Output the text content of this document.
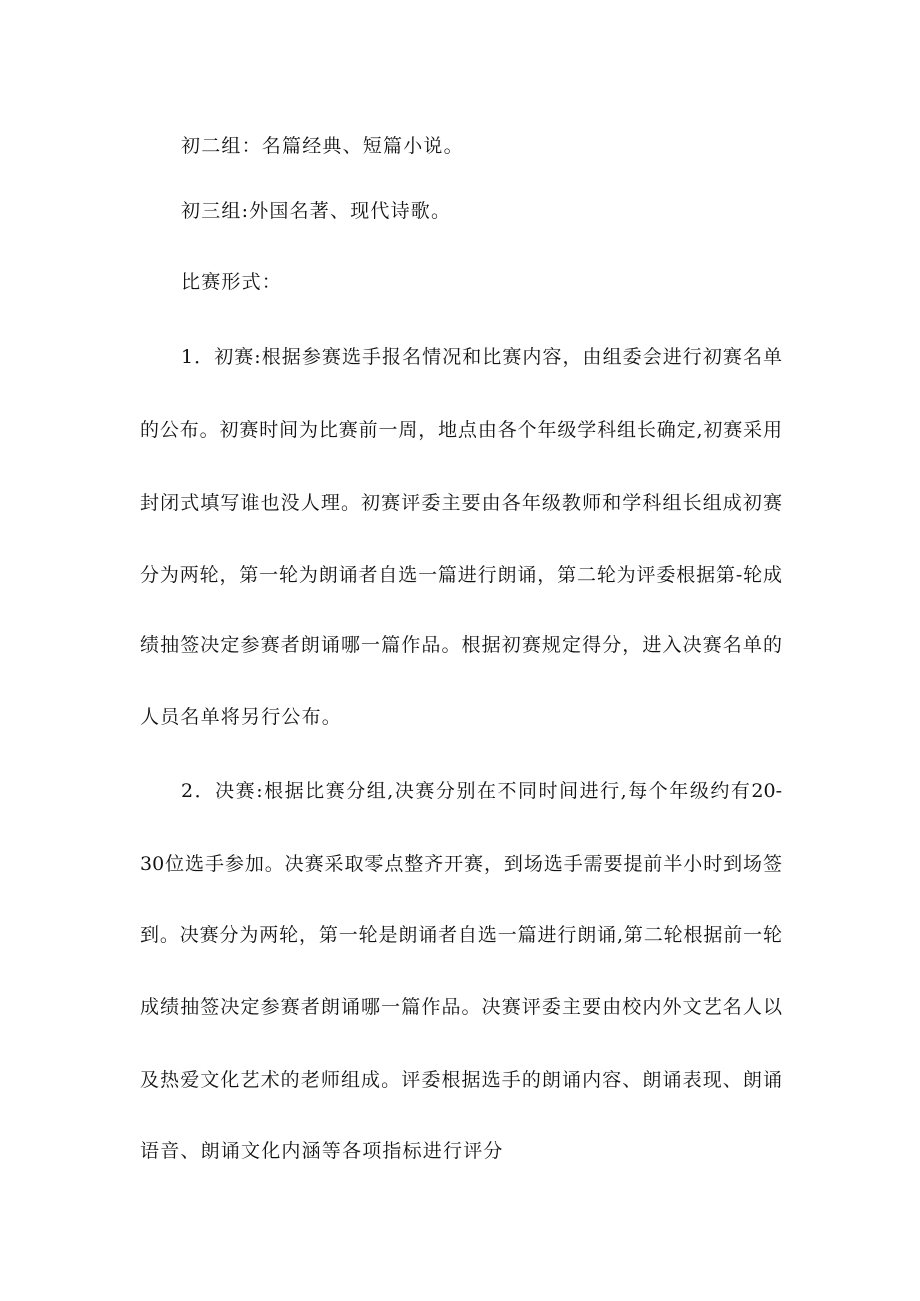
初二组：名篇经典、短篇小说。
初三组:外国名著、现代诗歌。
比赛形式：
1．初赛:根据参赛选手报名情况和比赛内容，由组委会进行初赛名单
的公布。初赛时间为比赛前一周，地点由各个年级学科组长确定,初赛采用
封闭式填写谁也没人理。初赛评委主要由各年级教师和学科组长组成初赛
分为两轮，第一轮为朗诵者自选一篇进行朗诵，第二轮为评委根据第-轮成
绩抽签决定参赛者朗诵哪一篇作品。根据初赛规定得分，进入决赛名单的
人员名单将另行公布。
2．决赛:根据比赛分组,决赛分别在不同时间进行,每个年级约有20-
30位选手参加。决赛采取零点整齐开赛，到场选手需要提前半小时到场签
到。决赛分为两轮，第一轮是朗诵者自选一篇进行朗诵,第二轮根据前一轮
成绩抽签决定参赛者朗诵哪一篇作品。决赛评委主要由校内外文艺名人以
及热爱文化艺术的老师组成。评委根据选手的朗诵内容、朗诵表现、朗诵
语音、朗诵文化内涵等各项指标进行评分
